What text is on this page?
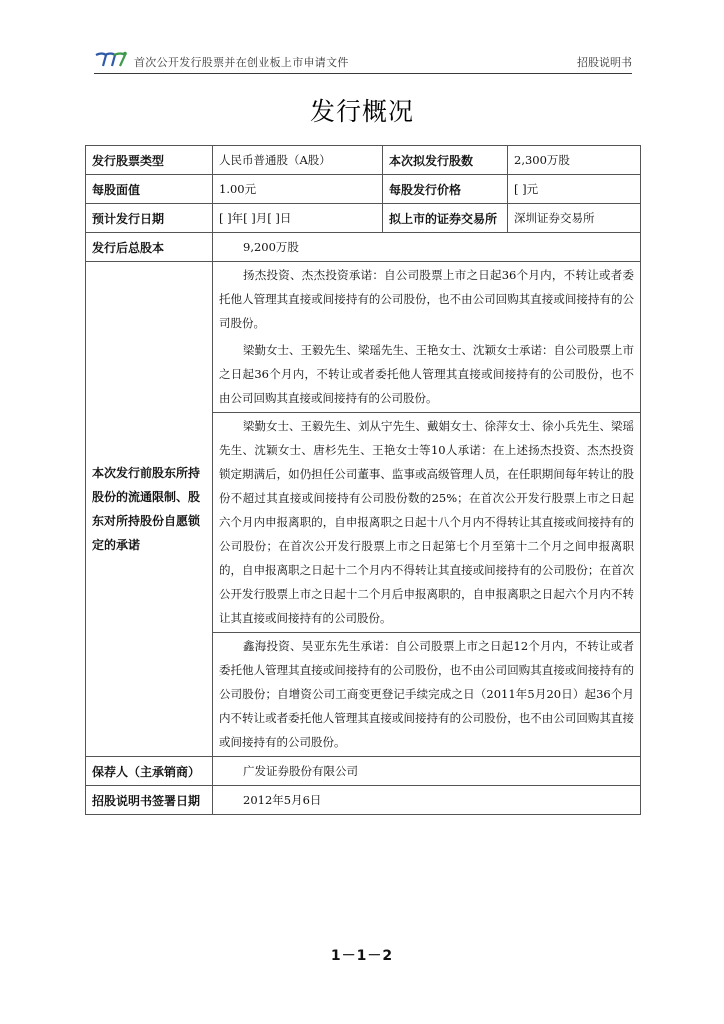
首次公开发行股票并在创业板上市申请文件	招股说明书
发行概况
发行股票类型	人民币普通股（A股）	本次拟发行股数	2,300万股
每股面值	1.00元	每股发行价格	[ ]元
预计发行日期	[ ]年[ ]月[ ]日	拟上市的证券交易所	深圳证券交易所
发行后总股本	9,200万股		
本次发行前股东所持股份的流通限制、股东对所持股份自愿锁定的承诺	扬杰投资、杰杰投资承诺：自公司股票上市之日起36个月内，不转让或者委托他人管理其直接或间接持有的公司股份，也不由公司回购其直接或间接持有的公司股份。
梁勤女士、王毅先生、梁瑶先生、王艳女士、沈颖女士承诺：自公司股票上市之日起36个月内，不转让或者委托他人管理其直接或间接持有的公司股份，也不由公司回购其直接或间接持有的公司股份。		

	梁勤女士、王毅先生、刘从宁先生、戴娟女士、徐萍女士、徐小兵先生、梁瑶先生、沈颖女士、唐杉先生、王艳女士等10人承诺：在上述扬杰投资、杰杰投资锁定期满后，如仍担任公司董事、监事或高级管理人员，在任职期间每年转让的股份不超过其直接或间接持有公司股份数的25%；在首次公开发行股票上市之日起六个月内申报离职的，自申报离职之日起十八个月内不得转让其直接或间接持有的公司股份；在首次公开发行股票上市之日起第七个月至第十二个月之间申报离职的，自申报离职之日起十二个月内不得转让其直接或间接持有的公司股份；在首次公开发行股票上市之日起十二个月后申报离职的，自申报离职之日起六个月内不转让其直接或间接持有的公司股份。		

	鑫海投资、吴亚东先生承诺：自公司股票上市之日起12个月内，不转让或者委托他人管理其直接或间接持有的公司股份，也不由公司回购其直接或间接持有的公司股份；自增资公司工商变更登记手续完成之日（2011年5月20日）起36个月内不转让或者委托他人管理其直接或间接持有的公司股份，也不由公司回购其直接或间接持有的公司股份。		

保荐人（主承销商）	广发证券股份有限公司		
招股说明书签署日期	2012年5月6日		
1－1－2
